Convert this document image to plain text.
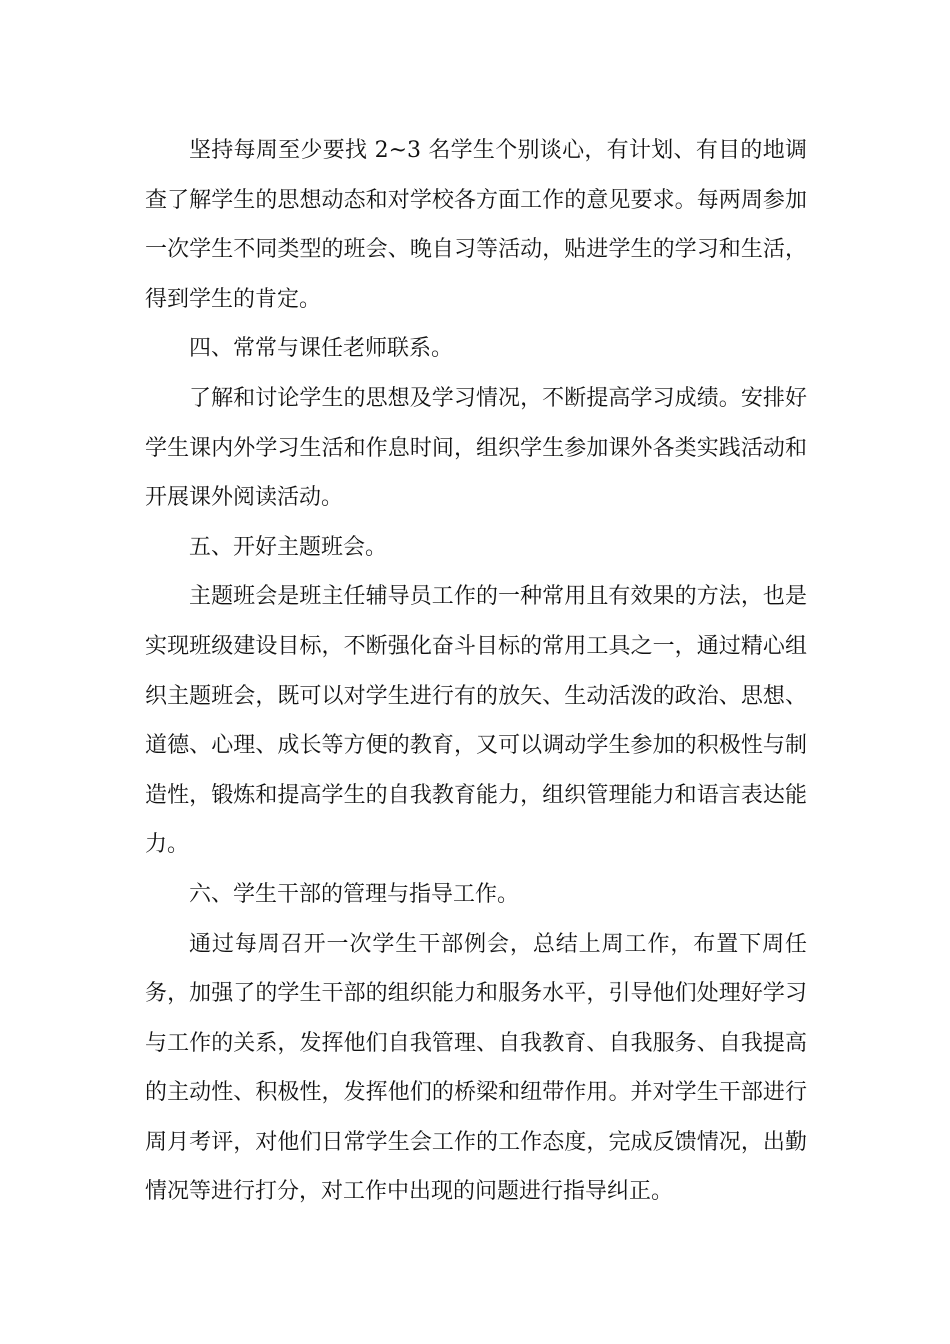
坚持每周至少要找 2~3 名学生个别谈心，有计划、有目的地调查了解学生的思想动态和对学校各方面工作的意见要求。每两周参加一次学生不同类型的班会、晚自习等活动，贴进学生的学习和生活，得到学生的肯定。

四、常常与课任老师联系。

了解和讨论学生的思想及学习情况，不断提高学习成绩。安排好学生课内外学习生活和作息时间，组织学生参加课外各类实践活动和开展课外阅读活动。

五、开好主题班会。

主题班会是班主任辅导员工作的一种常用且有效果的方法，也是实现班级建设目标，不断强化奋斗目标的常用工具之一，通过精心组织主题班会，既可以对学生进行有的放矢、生动活泼的政治、思想、道德、心理、成长等方便的教育，又可以调动学生参加的积极性与制造性，锻炼和提高学生的自我教育能力，组织管理能力和语言表达能力。

六、学生干部的管理与指导工作。

通过每周召开一次学生干部例会，总结上周工作，布置下周任务，加强了的学生干部的组织能力和服务水平，引导他们处理好学习与工作的关系，发挥他们自我管理、自我教育、自我服务、自我提高的主动性、积极性，发挥他们的桥梁和纽带作用。并对学生干部进行周月考评，对他们日常学生会工作的工作态度，完成反馈情况，出勤情况等进行打分，对工作中出现的问题进行指导纠正。
